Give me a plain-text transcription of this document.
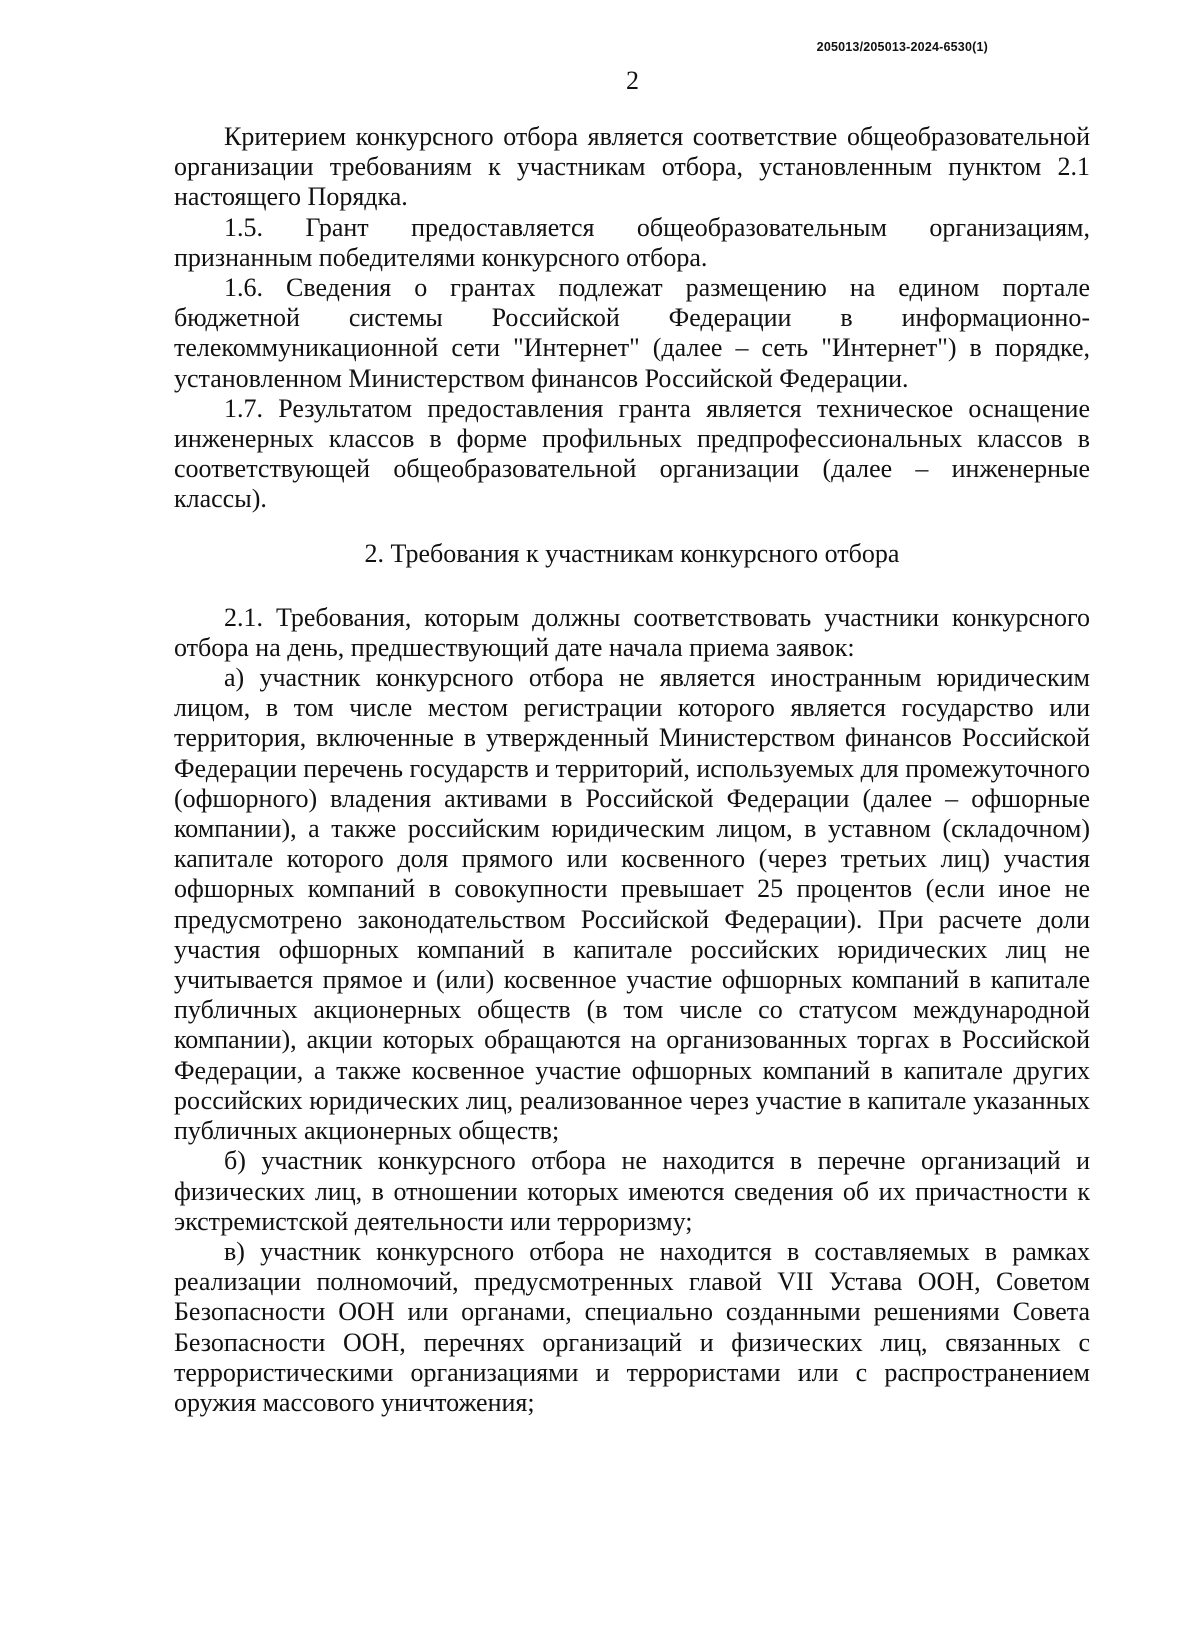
205013/205013-2024-6530(1)
2

Критерием конкурсного отбора является соответствие общеобразовательной организации требованиям к участникам отбора, установленным пунктом 2.1 настоящего Порядка.

1.5. Грант предоставляется общеобразовательным организациям, признанным победителями конкурсного отбора.

1.6. Сведения о грантах подлежат размещению на едином портале бюджетной системы Российской Федерации в информационно-телекоммуникационной сети "Интернет" (далее – сеть "Интернет") в порядке, установленном Министерством финансов Российской Федерации.

1.7. Результатом предоставления гранта является техническое оснащение инженерных классов в форме профильных предпрофессиональных классов в соответствующей общеобразовательной организации (далее – инженерные классы).

2. Требования к участникам конкурсного отбора

2.1. Требования, которым должны соответствовать участники конкурсного отбора на день, предшествующий дате начала приема заявок:

а) участник конкурсного отбора не является иностранным юридическим лицом, в том числе местом регистрации которого является государство или территория, включенные в утвержденный Министерством финансов Российской Федерации перечень государств и территорий, используемых для промежуточного (офшорного) владения активами в Российской Федерации (далее – офшорные компании), а также российским юридическим лицом, в уставном (складочном) капитале которого доля прямого или косвенного (через третьих лиц) участия офшорных компаний в совокупности превышает 25 процентов (если иное не предусмотрено законодательством Российской Федерации). При расчете доли участия офшорных компаний в капитале российских юридических лиц не учитывается прямое и (или) косвенное участие офшорных компаний в капитале публичных акционерных обществ (в том числе со статусом международной компании), акции которых обращаются на организованных торгах в Российской Федерации, а также косвенное участие офшорных компаний в капитале других российских юридических лиц, реализованное через участие в капитале указанных публичных акционерных обществ;

б) участник конкурсного отбора не находится в перечне организаций и физических лиц, в отношении которых имеются сведения об их причастности к экстремистской деятельности или терроризму;

в) участник конкурсного отбора не находится в составляемых в рамках реализации полномочий, предусмотренных главой VII Устава ООН, Советом Безопасности ООН или органами, специально созданными решениями Совета Безопасности ООН, перечнях организаций и физических лиц, связанных с террористическими организациями и террористами или с распространением оружия массового уничтожения;
